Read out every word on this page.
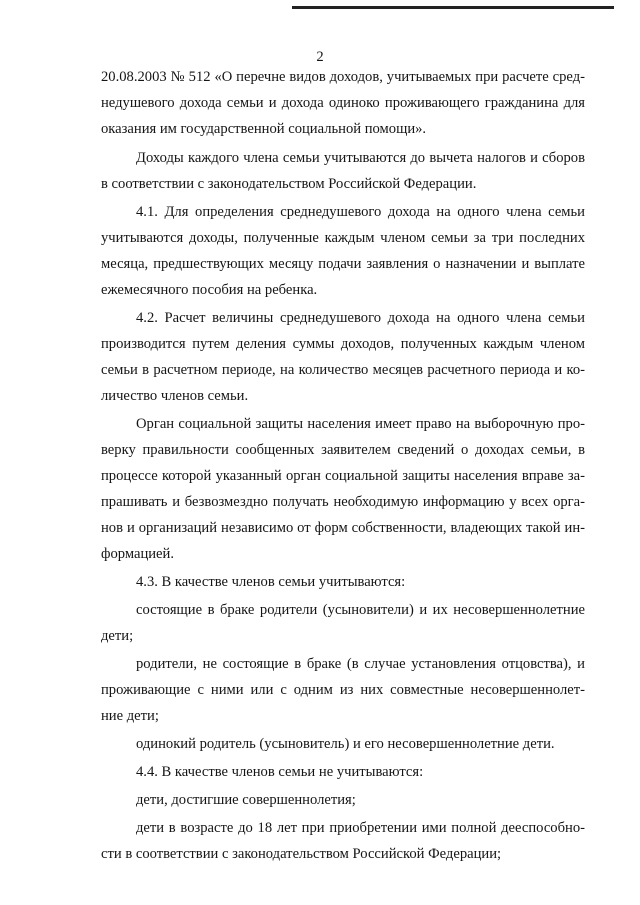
2
20.08.2003 № 512 «О перечне видов доходов, учитываемых при расчете сред-
недушевого дохода семьи и дохода одиноко проживающего гражданина для
оказания им государственной социальной помощи».
Доходы каждого члена семьи учитываются до вычета налогов и сборов
в соответствии с законодательством Российской Федерации.
4.1. Для определения среднедушевого дохода на одного члена семьи
учитываются доходы, полученные каждым членом семьи за три последних
месяца, предшествующих месяцу подачи заявления о назначении и выплате
ежемесячного пособия на ребенка.
4.2. Расчет величины среднедушевого дохода на одного члена семьи
производится путем деления суммы доходов, полученных каждым членом
семьи в расчетном периоде, на количество месяцев расчетного периода и ко-
личество членов семьи.
Орган социальной защиты населения имеет право на выборочную про-
верку правильности сообщенных заявителем сведений о доходах семьи, в
процессе которой указанный орган социальной защиты населения вправе за-
прашивать и безвозмездно получать необходимую информацию у всех орга-
нов и организаций независимо от форм собственности, владеющих такой ин-
формацией.
4.3. В качестве членов семьи учитываются:
состоящие в браке родители (усыновители) и их несовершеннолетние
дети;
родители, не состоящие в браке (в случае установления отцовства), и
проживающие с ними или с одним из них совместные несовершеннолет-
ние дети;
одинокий родитель (усыновитель) и его несовершеннолетние дети.
4.4. В качестве членов семьи не учитываются:
дети, достигшие совершеннолетия;
дети в возрасте до 18 лет при приобретении ими полной дееспособно-
сти в соответствии с законодательством Российской Федерации;
